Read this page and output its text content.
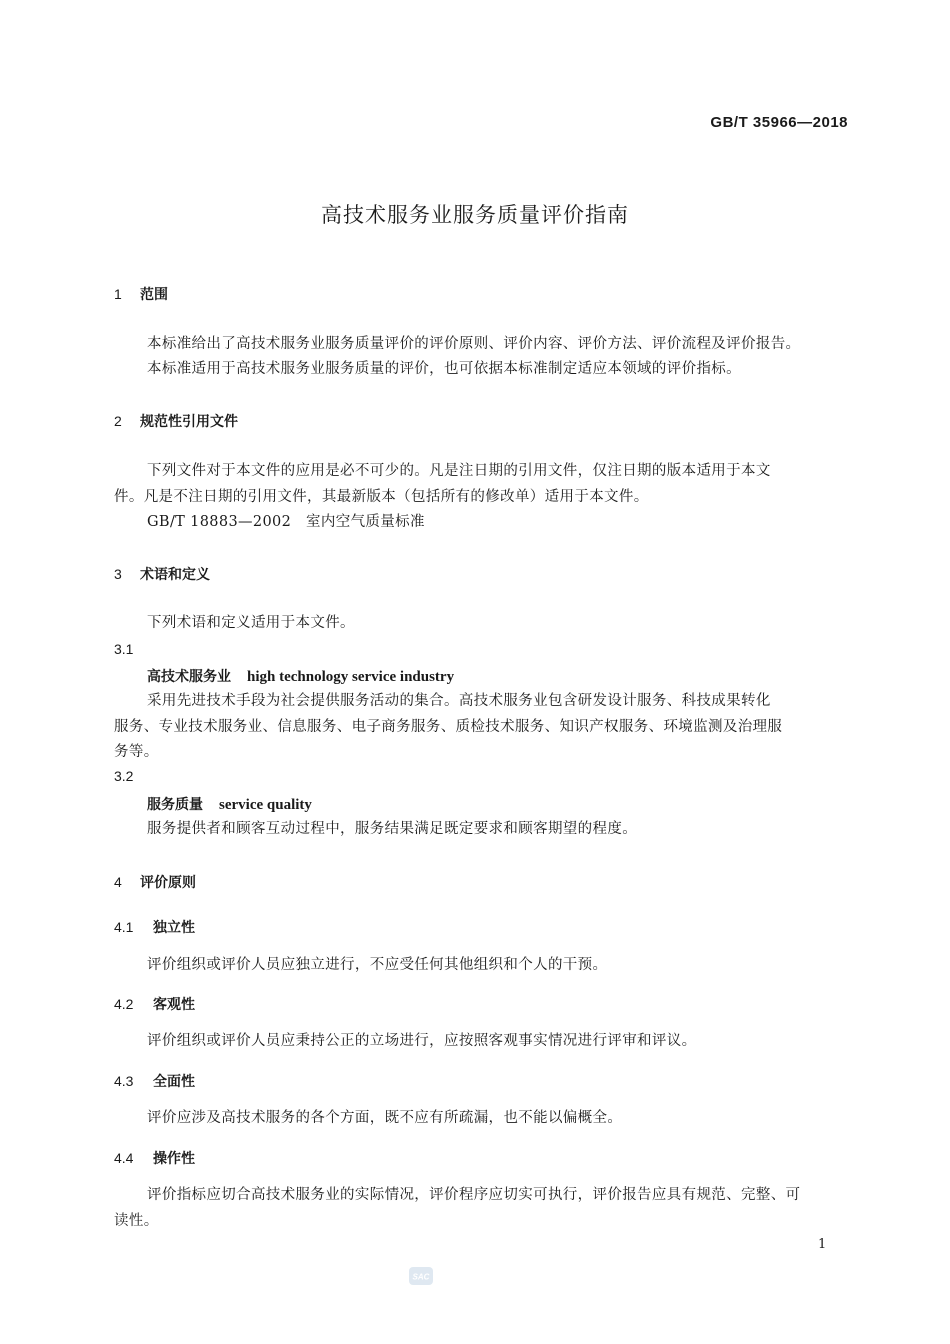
GB/T 35966—2018
高技术服务业服务质量评价指南
1 范围
本标准给出了高技术服务业服务质量评价的评价原则、评价内容、评价方法、评价流程及评价报告。
本标准适用于高技术服务业服务质量的评价，也可依据本标准制定适应本领域的评价指标。
2 规范性引用文件
下列文件对于本文件的应用是必不可少的。凡是注日期的引用文件，仅注日期的版本适用于本文
件。凡是不注日期的引用文件，其最新版本（包括所有的修改单）适用于本文件。
GB/T 18883—2002　室内空气质量标准
3 术语和定义
下列术语和定义适用于本文件。
3.1
高技术服务业 high technology service industry
采用先进技术手段为社会提供服务活动的集合。高技术服务业包含研发设计服务、科技成果转化
服务、专业技术服务业、信息服务、电子商务服务、质检技术服务、知识产权服务、环境监测及治理服
务等。
3.2
服务质量 service quality
服务提供者和顾客互动过程中，服务结果满足既定要求和顾客期望的程度。
4 评价原则
4.1 独立性
评价组织或评价人员应独立进行，不应受任何其他组织和个人的干预。
4.2 客观性
评价组织或评价人员应秉持公正的立场进行，应按照客观事实情况进行评审和评议。
4.3 全面性
评价应涉及高技术服务的各个方面，既不应有所疏漏，也不能以偏概全。
4.4 操作性
评价指标应切合高技术服务业的实际情况，评价程序应切实可执行，评价报告应具有规范、完整、可
读性。
1
SAC
